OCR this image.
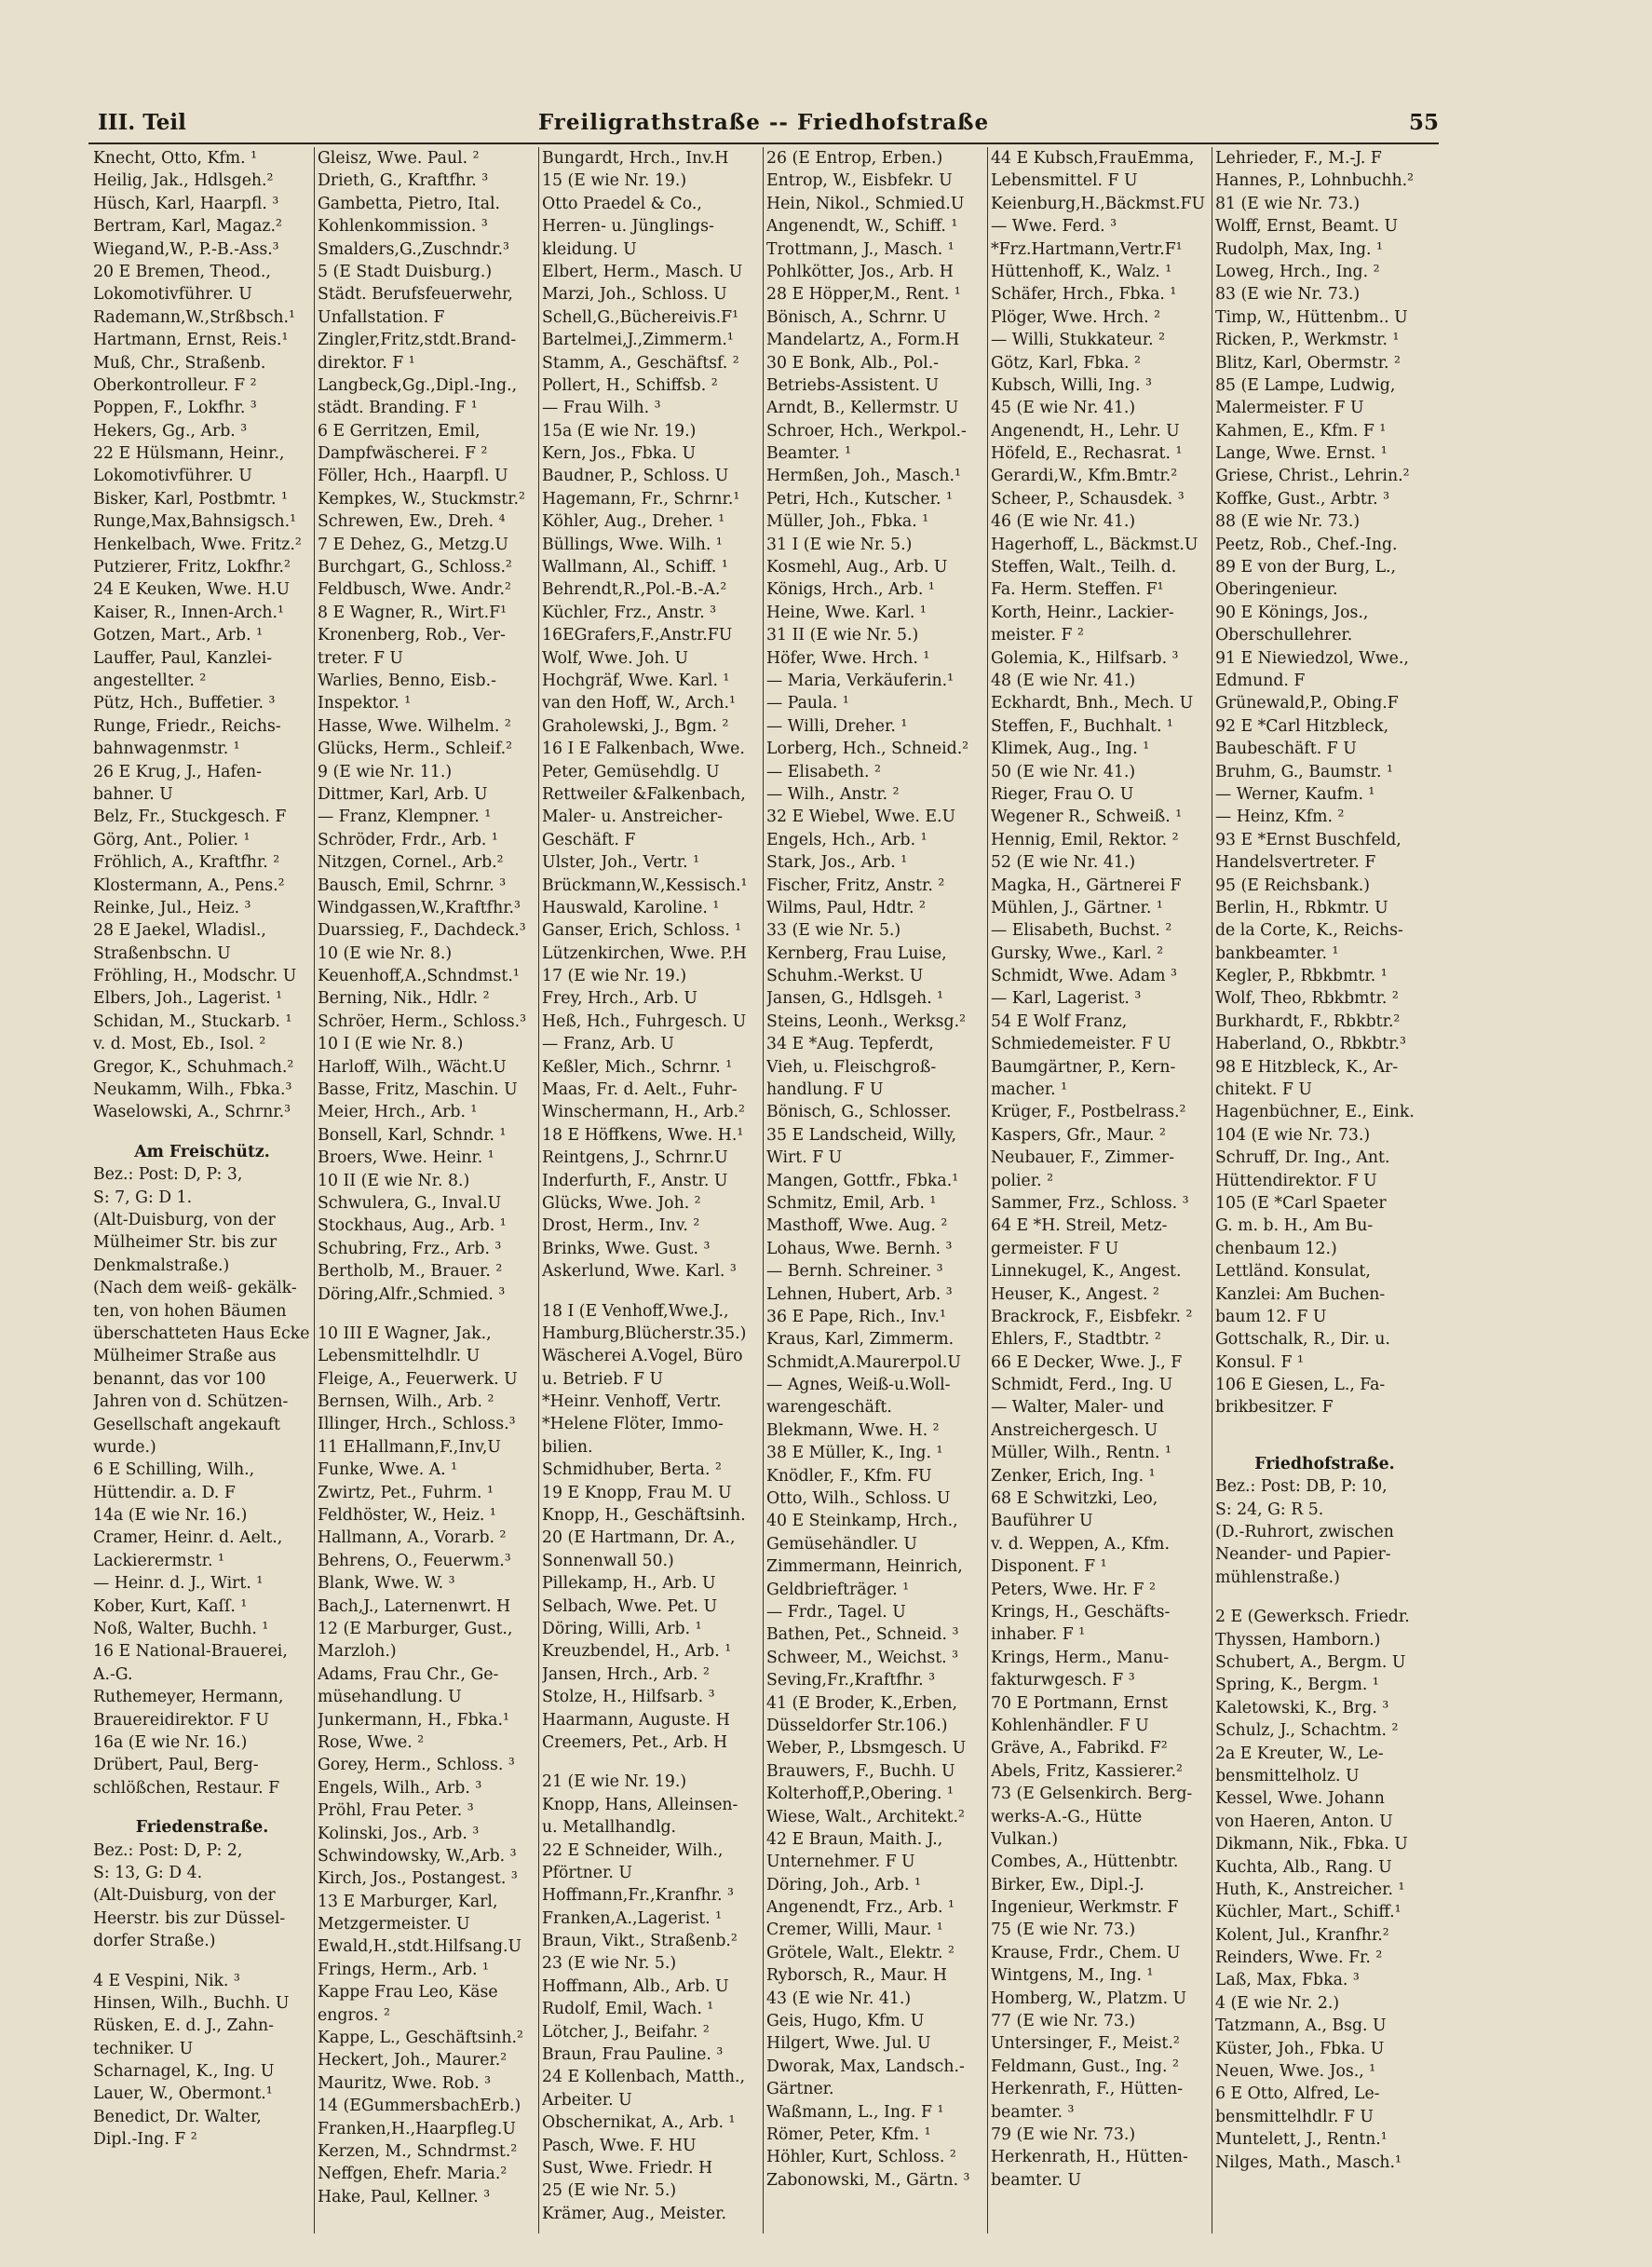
III. Teil	Freiligrathstraße -- Friedhofstraße	55
Knecht, Otto, Kfm. ¹
Heilig, Jak., Hdlsgeh.²
Hüsch, Karl, Haarpfl. ³
Bertram, Karl, Magaz.²
Wiegand,W., P.-B.-Ass.³
20 E Bremen, Theod.,
Lokomotivführer. U
Rademann,W.,Strßbsch.¹
Hartmann, Ernst, Reis.¹
Muß, Chr., Straßenb.
Oberkontrolleur. F ²
Poppen, F., Lokfhr. ³
Hekers, Gg., Arb. ³
22 E Hülsmann, Heinr.,
Lokomotivführer. U
Bisker, Karl, Postbmtr. ¹
Runge,Max,Bahnsigsch.¹
Henkelbach, Wwe. Fritz.²
Putzierer, Fritz, Lokfhr.²
24 E Keuken, Wwe. H.U
Kaiser, R., Innen-Arch.¹
Gotzen, Mart., Arb. ¹
Lauffer, Paul, Kanzlei-
angestellter. ²
Pütz, Hch., Buffetier. ³
Runge, Friedr., Reichs-
bahnwagenmstr. ¹
26 E Krug, J., Hafen-
bahner. U
Belz, Fr., Stuckgesch. F
Görg, Ant., Polier. ¹
Fröhlich, A., Kraftfhr. ²
Klostermann, A., Pens.²
Reinke, Jul., Heiz. ³
28 E Jaekel, Wladisl.,
Straßenbschn. U
Fröhling, H., Modschr. U
Elbers, Joh., Lagerist. ¹
Schidan, M., Stuckarb. ¹
v. d. Most, Eb., Isol. ²
Gregor, K., Schuhmach.²
Neukamm, Wilh., Fbka.³
Waselowski, A., Schrnr.³
Am Freischütz.
Bez.: Post: D, P: 3,
S: 7, G: D 1.
(Alt-Duisburg, von der
Mülheimer Str. bis zur
Denkmalstraße.)
(Nach dem weiß- gekälk-
ten, von hohen Bäumen
überschatteten Haus Ecke
Mülheimer Straße aus
benannt, das vor 100
Jahren von d. Schützen-
Gesellschaft angekauft
wurde.)
6 E Schilling, Wilh.,
Hüttendir. a. D. F
14a (E wie Nr. 16.)
Cramer, Heinr. d. Aelt.,
Lackierermstr. ¹
— Heinr. d. J., Wirt. ¹
Kober, Kurt, Kaſſ. ¹
Noß, Walter, Buchh. ¹
16 E National-Brauerei,
A.-G.
Ruthemeyer, Hermann,
Brauereidirektor. F U
16a (E wie Nr. 16.)
Drübert, Paul, Berg-
schlößchen, Restaur. F
Friedenstraße.
Bez.: Post: D, P: 2,
S: 13, G: D 4.
(Alt-Duisburg, von der
Heerstr. bis zur Düssel-
dorfer Straße.)
4 E Vespini, Nik. ³
Hinsen, Wilh., Buchh. U
Rüsken, E. d. J., Zahn-
techniker. U
Scharnagel, K., Ing. U
Lauer, W., Obermont.¹
Benedict, Dr. Walter,
Dipl.-Ing. F ²
Gleisz, Wwe. Paul. ²
Drieth, G., Kraftfhr. ³
Gambetta, Pietro, Ital.
Kohlenkommission. ³
Smalders,G.,Zuschndr.³
5 (E Stadt Duisburg.)
Städt. Berufsfeuerwehr,
Unfallstation. F
Zingler,Fritz,stdt.Brand-
direktor. F ¹
Langbeck,Gg.,Dipl.-Ing.,
städt. Branding. F ¹
6 E Gerritzen, Emil,
Dampfwäscherei. F ²
Föller, Hch., Haarpfl. U
Kempkes, W., Stuckmstr.²
Schrewen, Ew., Dreh. ⁴
7 E Dehez, G., Metzg.U
Burchgart, G., Schloss.²
Feldbusch, Wwe. Andr.²
8 E Wagner, R., Wirt.F¹
Kronenberg, Rob., Ver-
treter. F U
Warlies, Benno, Eisb.-
Inspektor. ¹
Hasse, Wwe. Wilhelm. ²
Glücks, Herm., Schleif.²
9 (E wie Nr. 11.)
Dittmer, Karl, Arb. U
— Franz, Klempner. ¹
Schröder, Frdr., Arb. ¹
Nitzgen, Cornel., Arb.²
Bausch, Emil, Schrnr. ³
Windgassen,W.,Kraftfhr.³
Duarssieg, F., Dachdeck.³
10 (E wie Nr. 8.)
Keuenhoff,A.,Schndmst.¹
Berning, Nik., Hdlr. ²
Schröer, Herm., Schloss.³
10 I (E wie Nr. 8.)
Harloff, Wilh., Wächt.U
Basse, Fritz, Maschin. U
Meier, Hrch., Arb. ¹
Bonsell, Karl, Schndr. ¹
Broers, Wwe. Heinr. ¹
10 II (E wie Nr. 8.)
Schwulera, G., Inval.U
Stockhaus, Aug., Arb. ¹
Schubring, Frz., Arb. ³
Bertholb, M., Brauer. ²
Döring,Alfr.,Schmied. ³
10 III E Wagner, Jak.,
Lebensmittelhdlr. U
Fleige, A., Feuerwerk. U
Bernsen, Wilh., Arb. ²
Illinger, Hrch., Schloss.³
11 EHallmann,F.,Inv,U
Funke, Wwe. A. ¹
Zwirtz, Pet., Fuhrm. ¹
Feldhöster, W., Heiz. ¹
Hallmann, A., Vorarb. ²
Behrens, O., Feuerwm.³
Blank, Wwe. W. ³
Bach,J., Laternenwrt. H
12 (E Marburger, Gust.,
Marzloh.)
Adams, Frau Chr., Ge-
müsehandlung. U
Junkermann, H., Fbka.¹
Rose, Wwe. ²
Gorey, Herm., Schloss. ³
Engels, Wilh., Arb. ³
Pröhl, Frau Peter. ³
Kolinski, Jos., Arb. ³
Schwindowsky, W.,Arb. ³
Kirch, Jos., Postangest. ³
13 E Marburger, Karl,
Metzgermeister. U
Ewald,H.,stdt.Hilfsang.U
Frings, Herm., Arb. ¹
Kappe Frau Leo, Käse
engros. ²
Kappe, L., Geschäftsinh.²
Heckert, Joh., Maurer.²
Mauritz, Wwe. Rob. ³
14 (EGummersbachErb.)
Franken,H.,Haarpfleg.U
Kerzen, M., Schndrmst.²
Neffgen, Ehefr. Maria.²
Hake, Paul, Kellner. ³
Bungardt, Hrch., Inv.H
15 (E wie Nr. 19.)
Otto Praedel & Co.,
Herren- u. Jünglings-
kleidung. U
Elbert, Herm., Masch. U
Marzi, Joh., Schloss. U
Schell,G.,Büchereivis.F¹
Bartelmei,J.,Zimmerm.¹
Stamm, A., Geschäftsf. ²
Pollert, H., Schiffsb. ²
— Frau Wilh. ³
15a (E wie Nr. 19.)
Kern, Jos., Fbka. U
Baudner, P., Schloss. U
Hagemann, Fr., Schrnr.¹
Köhler, Aug., Dreher. ¹
Büllings, Wwe. Wilh. ¹
Wallmann, Al., Schiff. ¹
Behrendt,R.,Pol.-B.-A.²
Küchler, Frz., Anstr. ³
16EGrafers,F.,Anstr.FU
Wolf, Wwe. Joh. U
Hochgräf, Wwe. Karl. ¹
van den Hoff, W., Arch.¹
Graholewski, J., Bgm. ²
16 I E Falkenbach, Wwe.
Peter, Gemüsehdlg. U
Rettweiler &Falkenbach,
Maler- u. Anstreicher-
Geschäft. F
Ulster, Joh., Vertr. ¹
Brückmann,W.,Kessisch.¹
Hauswald, Karoline. ¹
Ganser, Erich, Schloss. ¹
Lützenkirchen, Wwe. P.H
17 (E wie Nr. 19.)
Frey, Hrch., Arb. U
Heß, Hch., Fuhrgesch. U
— Franz, Arb. U
Keßler, Mich., Schrnr. ¹
Maas, Fr. d. Aelt., Fuhr-
Winschermann, H., Arb.²
18 E Höffkens, Wwe. H.¹
Reintgens, J., Schrnr.U
Inderfurth, F., Anstr. U
Glücks, Wwe. Joh. ²
Drost, Herm., Inv. ²
Brinks, Wwe. Gust. ³
Askerlund, Wwe. Karl. ³
18 I (E Venhoff,Wwe.J.,
Hamburg,Blücherstr.35.)
Wäscherei A.Vogel, Büro
u. Betrieb. F U
*Heinr. Venhoff, Vertr.
*Helene Flöter, Immo-
bilien.
Schmidhuber, Berta. ²
19 E Knopp, Frau M. U
Knopp, H., Geschäftsinh.
20 (E Hartmann, Dr. A.,
Sonnenwall 50.)
Pillekamp, H., Arb. U
Selbach, Wwe. Pet. U
Döring, Willi, Arb. ¹
Kreuzbendel, H., Arb. ¹
Jansen, Hrch., Arb. ²
Stolze, H., Hilfsarb. ³
Haarmann, Auguste. H
Creemers, Pet., Arb. H
21 (E wie Nr. 19.)
Knopp, Hans, Alleinsen-
u. Metallhandlg.
22 E Schneider, Wilh.,
Pförtner. U
Hoffmann,Fr.,Kranfhr. ³
Franken,A.,Lagerist. ¹
Braun, Vikt., Straßenb.²
23 (E wie Nr. 5.)
Hoffmann, Alb., Arb. U
Rudolf, Emil, Wach. ¹
Lötcher, J., Beifahr. ²
Braun, Frau Pauline. ³
24 E Kollenbach, Matth.,
Arbeiter. U
Obschernikat, A., Arb. ¹
Pasch, Wwe. F. HU
Sust, Wwe. Friedr. H
25 (E wie Nr. 5.)
Krämer, Aug., Meister.
26 (E Entrop, Erben.)
Entrop, W., Eisbfekr. U
Hein, Nikol., Schmied.U
Angenendt, W., Schiff. ¹
Trottmann, J., Masch. ¹
Pohlkötter, Jos., Arb. H
28 E Höpper,M., Rent. ¹
Bönisch, A., Schrnr. U
Mandelartz, A., Form.H
30 E Bonk, Alb., Pol.-
Betriebs-Assistent. U
Arndt, B., Kellermstr. U
Schroer, Hch., Werkpol.-
Beamter. ¹
Hermßen, Joh., Masch.¹
Petri, Hch., Kutscher. ¹
Müller, Joh., Fbka. ¹
31 I (E wie Nr. 5.)
Kosmehl, Aug., Arb. U
Königs, Hrch., Arb. ¹
Heine, Wwe. Karl. ¹
31 II (E wie Nr. 5.)
Höfer, Wwe. Hrch. ¹
— Maria, Verkäuferin.¹
— Paula. ¹
— Willi, Dreher. ¹
Lorberg, Hch., Schneid.²
— Elisabeth. ²
— Wilh., Anstr. ²
32 E Wiebel, Wwe. E.U
Engels, Hch., Arb. ¹
Stark, Jos., Arb. ¹
Fischer, Fritz, Anstr. ²
Wilms, Paul, Hdtr. ²
33 (E wie Nr. 5.)
Kernberg, Frau Luise,
Schuhm.-Werkst. U
Jansen, G., Hdlsgeh. ¹
Steins, Leonh., Werksg.²
34 E *Aug. Tepferdt,
Vieh, u. Fleischgroß-
handlung. F U
Bönisch, G., Schlosser.
35 E Landscheid, Willy,
Wirt. F U
Mangen, Gottfr., Fbka.¹
Schmitz, Emil, Arb. ¹
Masthoff, Wwe. Aug. ²
Lohaus, Wwe. Bernh. ³
— Bernh. Schreiner. ³
Lehnen, Hubert, Arb. ³
36 E Pape, Rich., Inv.¹
Kraus, Karl, Zimmerm.
Schmidt,A.Maurerpol.U
— Agnes, Weiß-u.Woll-
warengeschäft.
Blekmann, Wwe. H. ²
38 E Müller, K., Ing. ¹
Knödler, F., Kfm. FU
Otto, Wilh., Schloss. U
40 E Steinkamp, Hrch.,
Gemüsehändler. U
Zimmermann, Heinrich,
Geldbriefträger. ¹
— Frdr., Tagel. U
Bathen, Pet., Schneid. ³
Schweer, M., Weichst. ³
Seving,Fr.,Kraftfhr. ³
41 (E Broder, K.,Erben,
Düsseldorfer Str.106.)
Weber, P., Lbsmgesch. U
Brauwers, F., Buchh. U
Kolterhoff,P.,Obering. ¹
Wiese, Walt., Architekt.²
42 E Braun, Maith. J.,
Unternehmer. F U
Döring, Joh., Arb. ¹
Angenendt, Frz., Arb. ¹
Cremer, Willi, Maur. ¹
Grötele, Walt., Elektr. ²
Ryborsch, R., Maur. H
43 (E wie Nr. 41.)
Geis, Hugo, Kfm. U
Hilgert, Wwe. Jul. U
Dworak, Max, Landsch.-
Gärtner.
Waßmann, L., Ing. F ¹
Römer, Peter, Kfm. ¹
Höhler, Kurt, Schloss. ²
Zabonowski, M., Gärtn. ³
44 E Kubsch,FrauEmma,
Lebensmittel. F U
Keienburg,H.,Bäckmst.FU
— Wwe. Ferd. ³
*Frz.Hartmann,Vertr.F¹
Hüttenhoff, K., Walz. ¹
Schäfer, Hrch., Fbka. ¹
Plöger, Wwe. Hrch. ²
— Willi, Stukkateur. ²
Götz, Karl, Fbka. ²
Kubsch, Willi, Ing. ³
45 (E wie Nr. 41.)
Angenendt, H., Lehr. U
Höfeld, E., Rechasrat. ¹
Gerardi,W., Kfm.Bmtr.²
Scheer, P., Schausdek. ³
46 (E wie Nr. 41.)
Hagerhoff, L., Bäckmst.U
Steffen, Walt., Teilh. d.
Fa. Herm. Steffen. F¹
Korth, Heinr., Lackier-
meister. F ²
Golemia, K., Hilfsarb. ³
48 (E wie Nr. 41.)
Eckhardt, Bnh., Mech. U
Steffen, F., Buchhalt. ¹
Klimek, Aug., Ing. ¹
50 (E wie Nr. 41.)
Rieger, Frau O. U
Wegener R., Schweiß. ¹
Hennig, Emil, Rektor. ²
52 (E wie Nr. 41.)
Magka, H., Gärtnerei F
Mühlen, J., Gärtner. ¹
— Elisabeth, Buchst. ²
Gursky, Wwe., Karl. ²
Schmidt, Wwe. Adam ³
— Karl, Lagerist. ³
54 E Wolf Franz,
Schmiedemeister. F U
Baumgärtner, P., Kern-
macher. ¹
Krüger, F., Postbelrass.²
Kaspers, Gfr., Maur. ²
Neubauer, F., Zimmer-
polier. ²
Sammer, Frz., Schloss. ³
64 E *H. Streil, Metz-
germeister. F U
Linnekugel, K., Angest.
Heuser, K., Angest. ²
Brackrock, F., Eisbfekr. ²
Ehlers, F., Stadtbtr. ²
66 E Decker, Wwe. J., F
Schmidt, Ferd., Ing. U
— Walter, Maler- und
Anstreichergesch. U
Müller, Wilh., Rentn. ¹
Zenker, Erich, Ing. ¹
68 E Schwitzki, Leo,
Bauführer U
v. d. Weppen, A., Kfm.
Disponent. F ¹
Peters, Wwe. Hr. F ²
Krings, H., Geschäfts-
inhaber. F ¹
Krings, Herm., Manu-
fakturwgesch. F ³
70 E Portmann, Ernst
Kohlenhändler. F U
Gräve, A., Fabrikd. F²
Abels, Fritz, Kassierer.²
73 (E Gelsenkirch. Berg-
werks-A.-G., Hütte
Vulkan.)
Combes, A., Hüttenbtr.
Birker, Ew., Dipl.-J.
Ingenieur, Werkmstr. F
75 (E wie Nr. 73.)
Krause, Frdr., Chem. U
Wintgens, M., Ing. ¹
Homberg, W., Platzm. U
77 (E wie Nr. 73.)
Untersinger, F., Meist.²
Feldmann, Gust., Ing. ²
Herkenrath, F., Hütten-
beamter. ³
79 (E wie Nr. 73.)
Herkenrath, H., Hütten-
beamter. U
Lehrieder, F., M.-J. F
Hannes, P., Lohnbuchh.²
81 (E wie Nr. 73.)
Wolff, Ernst, Beamt. U
Rudolph, Max, Ing. ¹
Loweg, Hrch., Ing. ²
83 (E wie Nr. 73.)
Timp, W., Hüttenbm.. U
Ricken, P., Werkmstr. ¹
Blitz, Karl, Obermstr. ²
85 (E Lampe, Ludwig,
Malermeister. F U
Kahmen, E., Kfm. F ¹
Lange, Wwe. Ernst. ¹
Griese, Christ., Lehrin.²
Koffke, Gust., Arbtr. ³
88 (E wie Nr. 73.)
Peetz, Rob., Chef.-Ing.
89 E von der Burg, L.,
Oberingenieur.
90 E Könings, Jos.,
Oberschullehrer.
91 E Niewiedzol, Wwe.,
Edmund. F
Grünewald,P., Obing.F
92 E *Carl Hitzbleck,
Baubeschäft. F U
Bruhm, G., Baumstr. ¹
— Werner, Kaufm. ¹
— Heinz, Kfm. ²
93 E *Ernst Buschfeld,
Handelsvertreter. F
95 (E Reichsbank.)
Berlin, H., Rbkmtr. U
de la Corte, K., Reichs-
bankbeamter. ¹
Kegler, P., Rbkbmtr. ¹
Wolf, Theo, Rbkbmtr. ²
Burkhardt, F., Rbkbtr.²
Haberland, O., Rbkbtr.³
98 E Hitzbleck, K., Ar-
chitekt. F U
Hagenbüchner, E., Eink.
104 (E wie Nr. 73.)
Schruff, Dr. Ing., Ant.
Hüttendirektor. F U
105 (E *Carl Spaeter
G. m. b. H., Am Bu-
chenbaum 12.)
Lettländ. Konsulat,
Kanzlei: Am Buchen-
baum 12. F U
Gottschalk, R., Dir. u.
Konsul. F ¹
106 E Giesen, L., Fa-
brikbesitzer. F
Friedhofstraße.
Bez.: Post: DB, P: 10,
S: 24, G: R 5.
(D.-Ruhrort, zwischen
Neander- und Papier-
mühlenstraße.)
2 E (Gewerksch. Friedr.
Thyssen, Hamborn.)
Schubert, A., Bergm. U
Spring, K., Bergm. ¹
Kaletowski, K., Brg. ³
Schulz, J., Schachtm. ²
2a E Kreuter, W., Le-
bensmittelholz. U
Kessel, Wwe. Johann
von Haeren, Anton. U
Dikmann, Nik., Fbka. U
Kuchta, Alb., Rang. U
Huth, K., Anstreicher. ¹
Küchler, Mart., Schiff.¹
Kolent, Jul., Kranfhr.²
Reinders, Wwe. Fr. ²
Laß, Max, Fbka. ³
4 (E wie Nr. 2.)
Tatzmann, A., Bsg. U
Küster, Joh., Fbka. U
Neuen, Wwe. Jos., ¹
6 E Otto, Alfred, Le-
bensmittelhdlr. F U
Muntelett, J., Rentn.¹
Nilges, Math., Masch.¹
